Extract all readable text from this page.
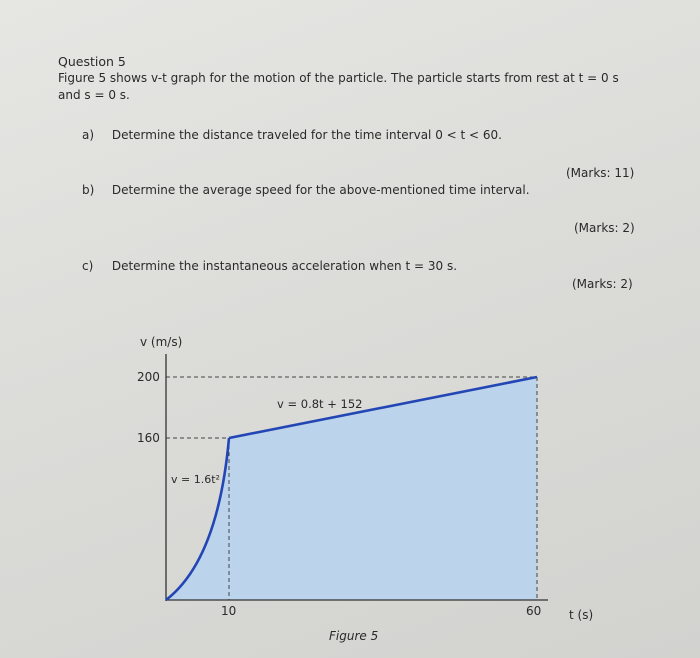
Question 5
Figure 5 shows v-t graph for the motion of the particle. The particle starts from rest at t = 0 s
and s = 0 s.
a) Determine the distance traveled for the time interval 0 < t < 60.
(Marks: 11)
b) Determine the average speed for the above-mentioned time interval.
(Marks: 2)
c) Determine the instantaneous acceleration when t = 30 s.
(Marks: 2)
v (m/s)
200
160
10	60 t (s)
v = 1.6t²
v = 0.8t + 152
Figure 5
